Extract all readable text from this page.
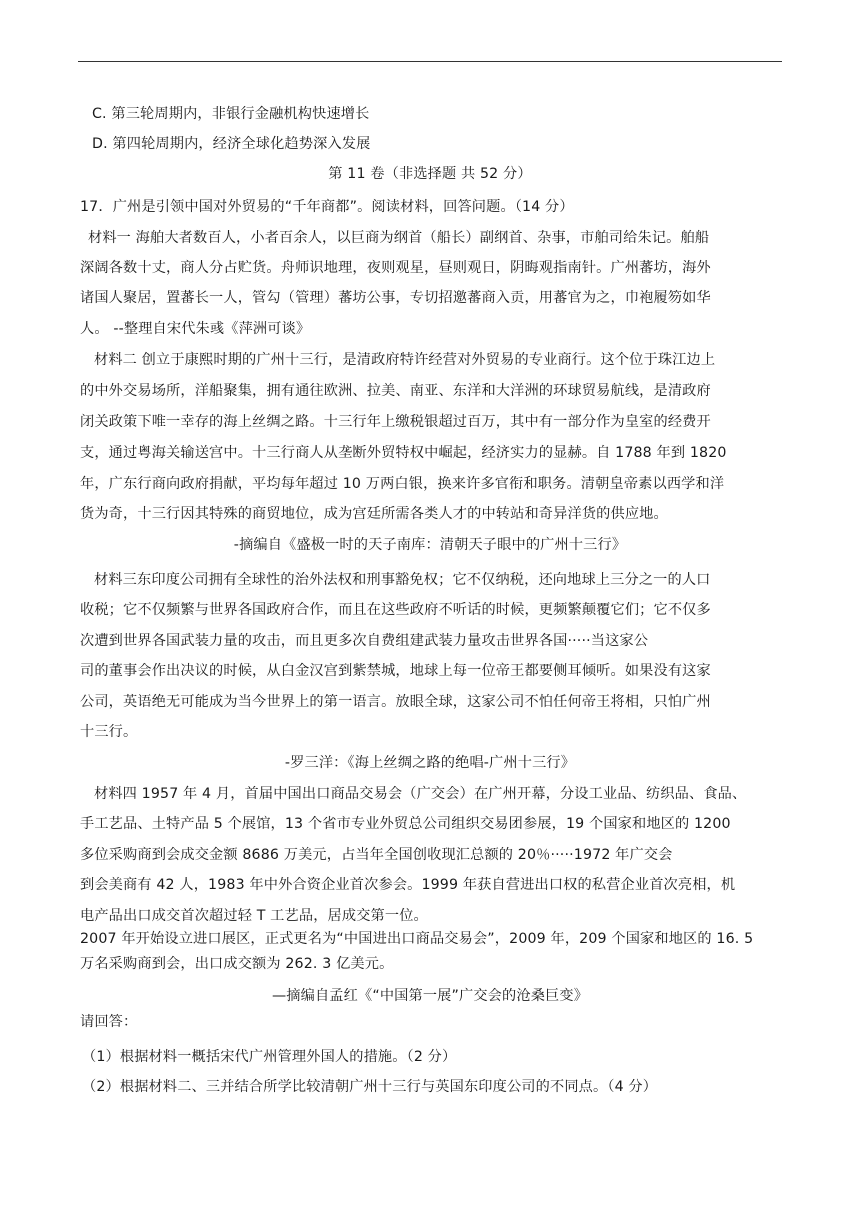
C. 第三轮周期内，非银行金融机构快速增长
D. 第四轮周期内，经济全球化趋势深入发展
第 11 卷（非选择题 共 52 分）
17．广州是引领中国对外贸易的“千年商都”。阅读材料，回答问题。（14 分）
材料一 海舶大者数百人，小者百余人，以巨商为纲首（船长）副纲首、杂事，市舶司给朱记。舶船
深阔各数十丈，商人分占贮货。舟师识地理，夜则观星，昼则观日，阴晦观指南针。广州蕃坊，海外
诸国人聚居，置蕃长一人，管勾（管理）蕃坊公事，专切招邀蕃商入贡，用蕃官为之，巾袍履笏如华
人。 --整理自宋代朱彧《萍洲可谈》
材料二 创立于康熙时期的广州十三行，是清政府特许经营对外贸易的专业商行。这个位于珠江边上
的中外交易场所，洋船聚集，拥有通往欧洲、拉美、南亚、东洋和大洋洲的环球贸易航线，是清政府
闭关政策下唯一幸存的海上丝绸之路。十三行年上缴税银超过百万，其中有一部分作为皇室的经费开
支，通过粤海关输送宫中。十三行商人从垄断外贸特权中崛起，经济实力的显赫。自 1788 年到 1820
年，广东行商向政府捐献，平均每年超过 10 万两白银，换来许多官衔和职务。清朝皇帝素以西学和洋
货为奇，十三行因其特殊的商贸地位，成为宫廷所需各类人才的中转站和奇异洋货的供应地。
-摘编自《盛极一时的天子南库：清朝天子眼中的广州十三行》
材料三东印度公司拥有全球性的治外法权和刑事豁免权；它不仅纳税，还向地球上三分之一的人口
收税；它不仅频繁与世界各国政府合作，而且在这些政府不听话的时候，更频繁颠覆它们；它不仅多
次遭到世界各国武装力量的攻击，而且更多次自费组建武装力量攻击世界各国·····当这家公
司的董事会作出决议的时候，从白金汉宫到紫禁城，地球上每一位帝王都要侧耳倾听。如果没有这家
公司，英语绝无可能成为当今世界上的第一语言。放眼全球，这家公司不怕任何帝王将相，只怕广州
十三行。
-罗三洋：《海上丝绸之路的绝唱-广州十三行》
材料四 1957 年 4 月，首届中国出口商品交易会（广交会）在广州开幕，分设工业品、纺织品、食品、
手工艺品、土特产品 5 个展馆，13 个省市专业外贸总公司组织交易团参展，19 个国家和地区的 1200
多位采购商到会成交金额 8686 万美元，占当年全国创收现汇总额的 20％·····1972 年广交会
到会美商有 42 人，1983 年中外合资企业首次参会。1999 年获自营进出口权的私营企业首次亮相，机
电产品出口成交首次超过轻 T 工艺品，居成交第一位。
2007 年开始设立进口展区，正式更名为“中国进出口商品交易会”，2009 年，209 个国家和地区的 16. 5
万名采购商到会，出口成交额为 262. 3 亿美元。
—摘编自孟红《“中国第一展”广交会的沧桑巨变》
请回答：
（1）根据材料一概括宋代广州管理外国人的措施。（2 分）
（2）根据材料二、三并结合所学比较清朝广州十三行与英国东印度公司的不同点。（4 分）
